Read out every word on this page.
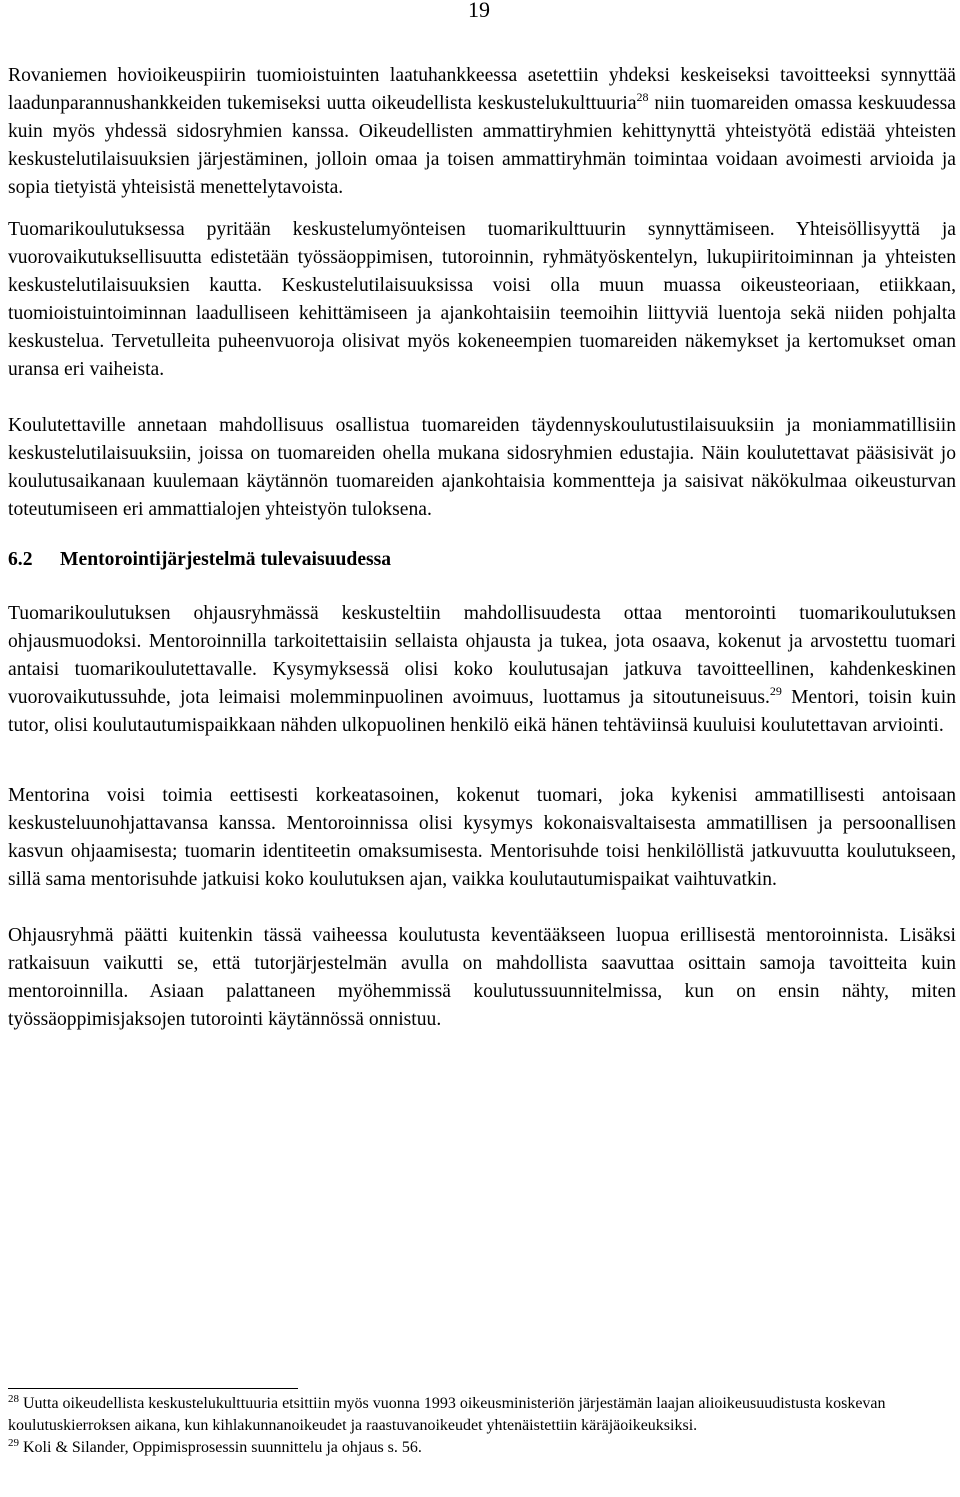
19

Rovaniemen hovioikeuspiirin tuomioistuinten laatuhankkeessa asetettiin yhdeksi keskeiseksi tavoitteeksi synnyttää laadunparannushankkeiden tukemiseksi uutta oikeudellista keskustelukulttuuria$^{28}$ niin tuomareiden omassa keskuudessa kuin myös yhdessä sidosryhmien kanssa. Oikeudellisten ammattiryhmien kehittynyttä yhteistyötä edistää yhteisten keskustelutilaisuuksien järjestäminen, jolloin omaa ja toisen ammattiryhmän toimintaa voidaan avoimesti arvioida ja sopia tietyistä yhteisistä menettelytavoista.

Tuomarikoulutuksessa pyritään keskustelumyönteisen tuomarikulttuurin synnyttämiseen. Yhteisöllisyyttä ja vuorovaikutuksellisuutta edistetään työssäoppimisen, tutoroinnin, ryhmätyöskentelyn, lukupiiritoiminnan ja yhteisten keskustelutilaisuuksien kautta. Keskustelutilaisuuksissa voisi olla muun muassa oikeusteoriaan, etiikkaan, tuomioistuintoiminnan laadulliseen kehittämiseen ja ajankohtaisiin teemoihin liittyviä luentoja sekä niiden pohjalta keskustelua. Tervetulleita puheenvuoroja olisivat myös kokeneempien tuomareiden näkemykset ja kertomukset oman uransa eri vaiheista.

Koulutettaville annetaan mahdollisuus osallistua tuomareiden täydennyskoulutustilaisuuksiin ja moniammatillisiin keskustelutilaisuuksiin, joissa on tuomareiden ohella mukana sidosryhmien edustajia. Näin koulutettavat pääsisivät jo koulutusaikanaan kuulemaan käytännön tuomareiden ajankohtaisia kommentteja ja saisivat näkökulmaa oikeusturvan toteutumiseen eri ammattialojen yhteistyön tuloksena.

6.2 Mentorointijärjestelmä tulevaisuudessa

Tuomarikoulutuksen ohjausryhmässä keskusteltiin mahdollisuudesta ottaa mentorointi tuomarikoulutuksen ohjausmuodoksi. Mentoroinnilla tarkoitettaisiin sellaista ohjausta ja tukea, jota osaava, kokenut ja arvostettu tuomari antaisi tuomarikoulutettavalle. Kysymyksessä olisi koko koulutusajan jatkuva tavoitteellinen, kahdenkeskinen vuorovaikutussuhde, jota leimaisi molemminpuolinen avoimuus, luottamus ja sitoutuneisuus.$^{29}$ Mentori, toisin kuin tutor, olisi koulutautumispaikkaan nähden ulkopuolinen henkilö eikä hänen tehtäviinsä kuuluisi koulutettavan arviointi.

Mentorina voisi toimia eettisesti korkeatasoinen, kokenut tuomari, joka kykenisi ammatillisesti antoisaan keskusteluunohjattavansa kanssa. Mentoroinnissa olisi kysymys kokonaisvaltaisesta ammatillisen ja persoonallisen kasvun ohjaamisesta; tuomarin identiteetin omaksumisesta. Mentorisuhde toisi henkilöllistä jatkuvuutta koulutukseen, sillä sama mentorisuhde jatkuisi koko koulutuksen ajan, vaikka koulutautumispaikat vaihtuvatkin.

Ohjausryhmä päätti kuitenkin tässä vaiheessa koulutusta keventääkseen luopua erillisestä mentoroinnista. Lisäksi ratkaisuun vaikutti se, että tutorjärjestelmän avulla on mahdollista saavuttaa osittain samoja tavoitteita kuin mentoroinnilla. Asiaan palattaneen myöhemmissä koulutussuunnitelmissa, kun on ensin nähty, miten työssäoppimisjaksojen tutorointi käytännössä onnistuu.

$^{28}$ Uutta oikeudellista keskustelukulttuuria etsittiin myös vuonna 1993 oikeusministeriön järjestämän laajan alioikeusuudistusta koskevan koulutuskierroksen aikana, kun kihlakunnanoikeudet ja raastuvanoikeudet yhtenäistettiin käräjäoikeuksiksi.

$^{29}$ Koli & Silander, Oppimisprosessin suunnittelu ja ohjaus s. 56.
